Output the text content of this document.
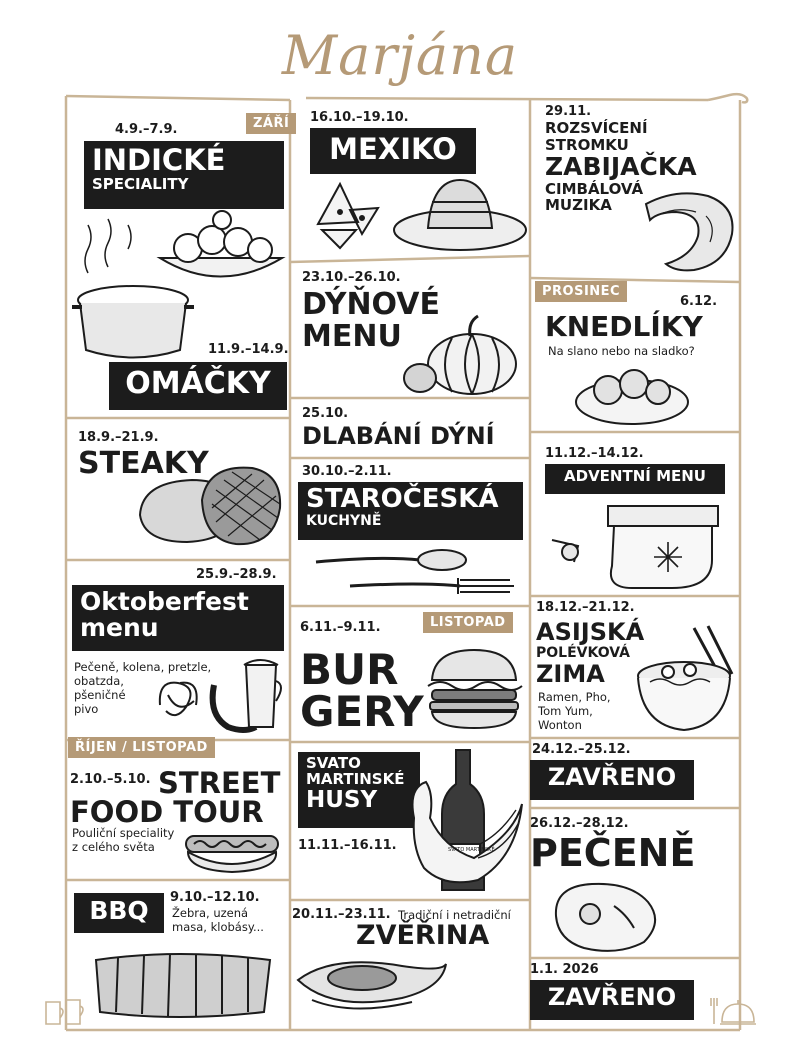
Marjána
ZÁŘÍ
ŘÍJEN / LISTOPAD
LISTOPAD
PROSINEC
4.9.–7.9.
INDICKÉ
SPECIALITY
11.9.–14.9.
OMÁČKY
18.9.–21.9.
STEAKY
25.9.–28.9.
Oktoberfest
menu
Pečeně, kolena, pretzle,
obatzda,
pšeničné
pivo
2.10.–5.10. STREET
FOOD TOUR
Pouliční speciality
z celého světa
BBQ	9.10.–12.10.
Žebra, uzená
masa, klobásy...
16.10.–19.10.
MEXIKO
23.10.–26.10.
DÝŇOVÉ
MENU
25.10.
DLABÁNÍ DÝNÍ
30.10.–2.11.
STAROČESKÁ
KUCHYNĚ
6.11.–9.11.
BUR
GERY
SVATO
MARTINSKÉ
HUSY
11.11.–16.11.	SVATO MARTINSKÉ
20.11.–23.11. Tradiční i netradiční
ZVĚŘINA
29.11.
ROZSVÍCENÍ
STROMKU
ZABIJAČKA
CIMBÁLOVÁ
MUZIKA
6.12.
KNEDLÍKY
Na slano nebo na sladko?
11.12.–14.12.
ADVENTNÍ MENU
18.12.–21.12.
ASIJSKÁ
POLÉVKOVÁ
ZIMA
Ramen, Pho,
Tom Yum,
Wonton
24.12.–25.12.
ZAVŘENO
26.12.–28.12.
PEČENĚ
1.1. 2026
ZAVŘENO
